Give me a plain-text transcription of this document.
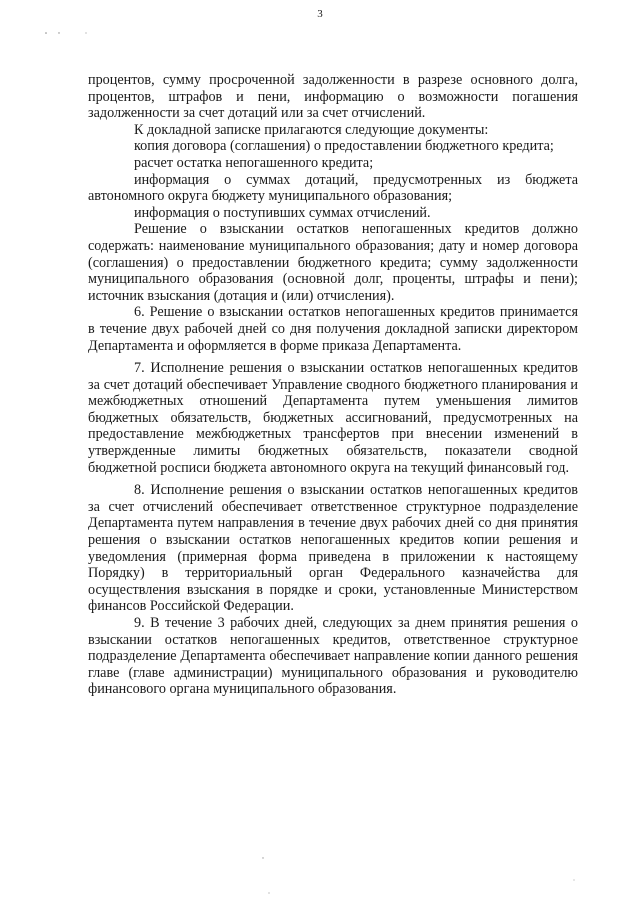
3

процентов, сумму просроченной задолженности в разрезе основного долга, процентов, штрафов и пени, информацию о возможности погашения задолженности за счет дотаций или за счет отчислений.

К докладной записке прилагаются следующие документы:

копия договора (соглашения) о предоставлении бюджетного кредита;

расчет остатка непогашенного кредита;

информация о суммах дотаций, предусмотренных из бюджета автономного округа бюджету муниципального образования;

информация о поступивших суммах отчислений.

Решение о взыскании остатков непогашенных кредитов должно содержать: наименование муниципального образования; дату и номер договора (соглашения) о предоставлении бюджетного кредита; сумму задолженности муниципального образования (основной долг, проценты, штрафы и пени); источник взыскания (дотация и (или) отчисления).

6. Решение о взыскании остатков непогашенных кредитов принимается в течение двух рабочей дней со дня получения докладной записки директором Департамента и оформляется в форме приказа Департамента.

7. Исполнение решения о взыскании остатков непогашенных кредитов за счет дотаций обеспечивает Управление сводного бюджетного планирования и межбюджетных отношений Департамента путем уменьшения лимитов бюджетных обязательств, бюджетных ассигнований, предусмотренных на предоставление межбюджетных трансфертов при внесении изменений в утвержденные лимиты бюджетных обязательств, показатели сводной бюджетной росписи бюджета автономного округа на текущий финансовый год.

8. Исполнение решения о взыскании остатков непогашенных кредитов за счет отчислений обеспечивает ответственное структурное подразделение Департамента путем направления в течение двух рабочих дней со дня принятия решения о взыскании остатков непогашенных кредитов копии решения и уведомления (примерная форма приведена в приложении к настоящему Порядку) в территориальный орган Федерального казначейства для осуществления взыскания в порядке и сроки, установленные Министерством финансов Российской Федерации.

9. В течение 3 рабочих дней, следующих за днем принятия решения о взыскании остатков непогашенных кредитов, ответственное структурное подразделение Департамента обеспечивает направление копии данного решения главе (главе администрации) муниципального образования и руководителю финансового органа муниципального образования.
